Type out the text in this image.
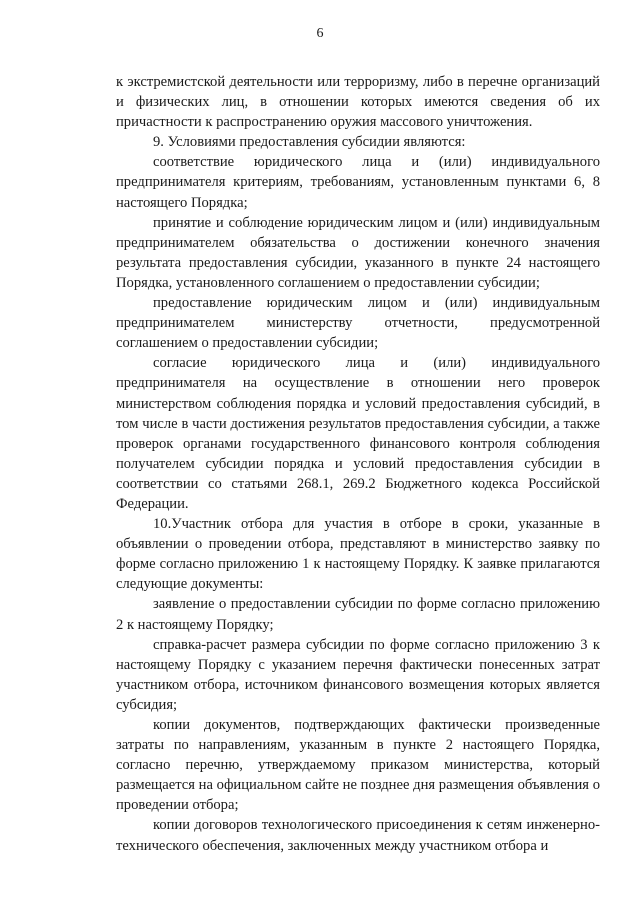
6

к экстремистской деятельности или терроризму, либо в перечне организаций и физических лиц, в отношении которых имеются сведения об их причастности к распространению оружия массового уничтожения.

9. Условиями предоставления субсидии являются:

соответствие юридического лица и (или) индивидуального предпринимателя критериям, требованиям, установленным пунктами 6, 8 настоящего Порядка;

принятие и соблюдение юридическим лицом и (или) индивидуальным предпринимателем обязательства о достижении конечного значения результата предоставления субсидии, указанного в пункте 24 настоящего Порядка, установленного соглашением о предоставлении субсидии;

предоставление юридическим лицом и (или) индивидуальным предпринимателем министерству отчетности, предусмотренной соглашением о предоставлении субсидии;

согласие юридического лица и (или) индивидуального предпринимателя на осуществление в отношении него проверок министерством соблюдения порядка и условий предоставления субсидий, в том числе в части достижения результатов предоставления субсидии, а также проверок органами государственного финансового контроля соблюдения получателем субсидии порядка и условий предоставления субсидии в соответствии со статьями 268.1, 269.2 Бюджетного кодекса Российской Федерации.

10.Участник отбора для участия в отборе в сроки, указанные в объявлении о проведении отбора, представляют в министерство заявку по форме согласно приложению 1 к настоящему Порядку. К заявке прилагаются следующие документы:

заявление о предоставлении субсидии по форме согласно приложению 2 к настоящему Порядку;

справка-расчет размера субсидии по форме согласно приложению 3 к настоящему Порядку с указанием перечня фактически понесенных затрат участником отбора, источником финансового возмещения которых является субсидия;

копии документов, подтверждающих фактически произведенные затраты по направлениям, указанным в пункте 2 настоящего Порядка, согласно перечню, утверждаемому приказом министерства, который размещается на официальном сайте не позднее дня размещения объявления о проведении отбора;

копии договоров технологического присоединения к сетям инженерно-технического обеспечения, заключенных между участником отбора и
